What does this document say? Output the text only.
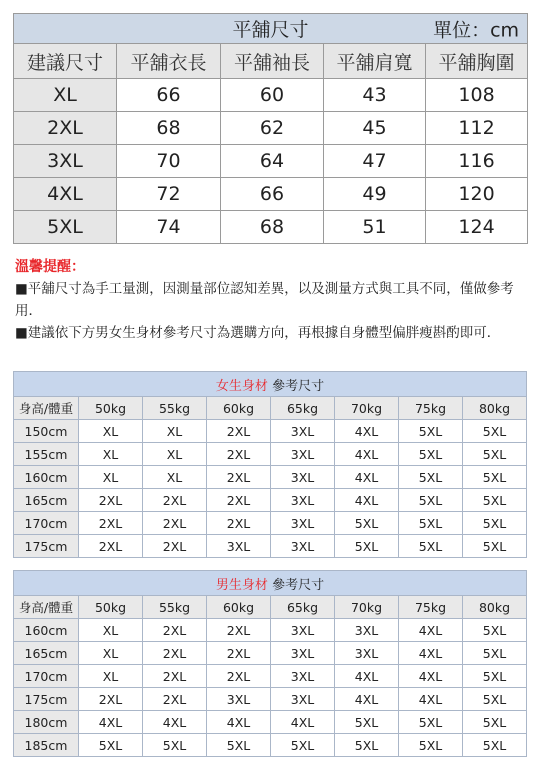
平舖尺寸 單位：cm				

建議尺寸	平舖衣長	平舖袖長	平舖肩寬	平舖胸圍
XL	66	60	43	108
2XL	68	62	45	112
3XL	70	64	47	116
4XL	72	66	49	120
5XL	74	68	51	124
溫馨提醒：
■平舖尺寸為手工量測，因測量部位認知差異，以及測量方式與工具不同，僅做參考用．
■建議依下方男女生身材參考尺寸為選購方向，再根據自身體型偏胖瘦斟酌即可．
女生身材 參考尺寸							
身高/體重	50kg	55kg	60kg	65kg	70kg	75kg	80kg
150cm	XL	XL	2XL	3XL	4XL	5XL	5XL
155cm	XL	XL	2XL	3XL	4XL	5XL	5XL
160cm	XL	XL	2XL	3XL	4XL	5XL	5XL
165cm	2XL	2XL	2XL	3XL	4XL	5XL	5XL
170cm	2XL	2XL	2XL	3XL	5XL	5XL	5XL
175cm	2XL	2XL	3XL	3XL	5XL	5XL	5XL
男生身材 參考尺寸							
身高/體重	50kg	55kg	60kg	65kg	70kg	75kg	80kg
160cm	XL	2XL	2XL	3XL	3XL	4XL	5XL
165cm	XL	2XL	2XL	3XL	3XL	4XL	5XL
170cm	XL	2XL	2XL	3XL	4XL	4XL	5XL
175cm	2XL	2XL	3XL	3XL	4XL	4XL	5XL
180cm	4XL	4XL	4XL	4XL	5XL	5XL	5XL
185cm	5XL	5XL	5XL	5XL	5XL	5XL	5XL
